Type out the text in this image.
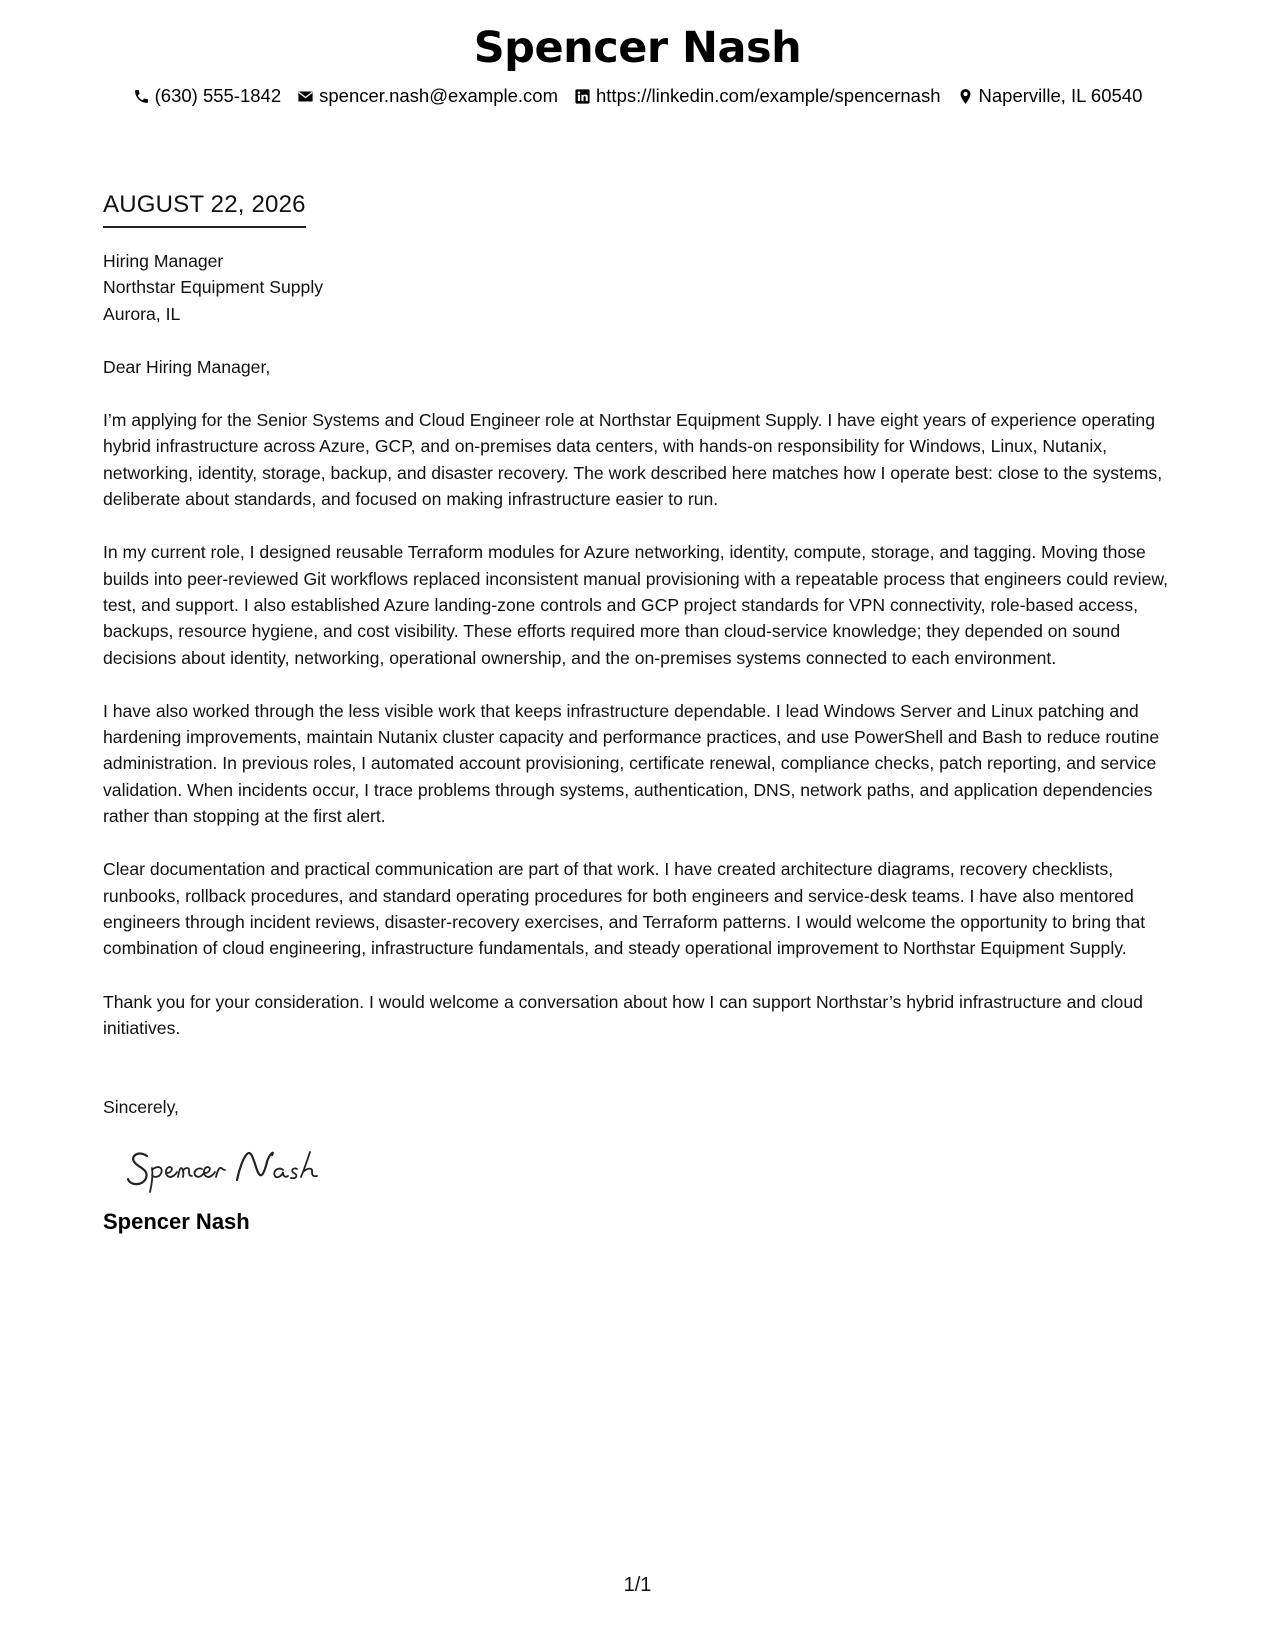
Spencer Nash
(630) 555-1842 spencer.nash@example.com https://linkedin.com/example/spencernash Naperville, IL 60540
AUGUST 22, 2026
Hiring Manager
Northstar Equipment Supply
Aurora, IL
Dear Hiring Manager,
I’m applying for the Senior Systems and Cloud Engineer role at Northstar Equipment Supply. I have eight years of experience operating hybrid infrastructure across Azure, GCP, and on-premises data centers, with hands-on responsibility for Windows, Linux, Nutanix, networking, identity, storage, backup, and disaster recovery. The work described here matches how I operate best: close to the systems, deliberate about standards, and focused on making infrastructure easier to run.
In my current role, I designed reusable Terraform modules for Azure networking, identity, compute, storage, and tagging. Moving those builds into peer-reviewed Git workflows replaced inconsistent manual provisioning with a repeatable process that engineers could review, test, and support. I also established Azure landing-zone controls and GCP project standards for VPN connectivity, role-based access, backups, resource hygiene, and cost visibility. These efforts required more than cloud-service knowledge; they depended on sound decisions about identity, networking, operational ownership, and the on-premises systems connected to each environment.
I have also worked through the less visible work that keeps infrastructure dependable. I lead Windows Server and Linux patching and hardening improvements, maintain Nutanix cluster capacity and performance practices, and use PowerShell and Bash to reduce routine administration. In previous roles, I automated account provisioning, certificate renewal, compliance checks, patch reporting, and service validation. When incidents occur, I trace problems through systems, authentication, DNS, network paths, and application dependencies rather than stopping at the first alert.
Clear documentation and practical communication are part of that work. I have created architecture diagrams, recovery checklists, runbooks, rollback procedures, and standard operating procedures for both engineers and service-desk teams. I have also mentored engineers through incident reviews, disaster-recovery exercises, and Terraform patterns. I would welcome the opportunity to bring that combination of cloud engineering, infrastructure fundamentals, and steady operational improvement to Northstar Equipment Supply.
Thank you for your consideration. I would welcome a conversation about how I can support Northstar’s hybrid infrastructure and cloud initiatives.
Sincerely,
Spencer Nash
1/1
